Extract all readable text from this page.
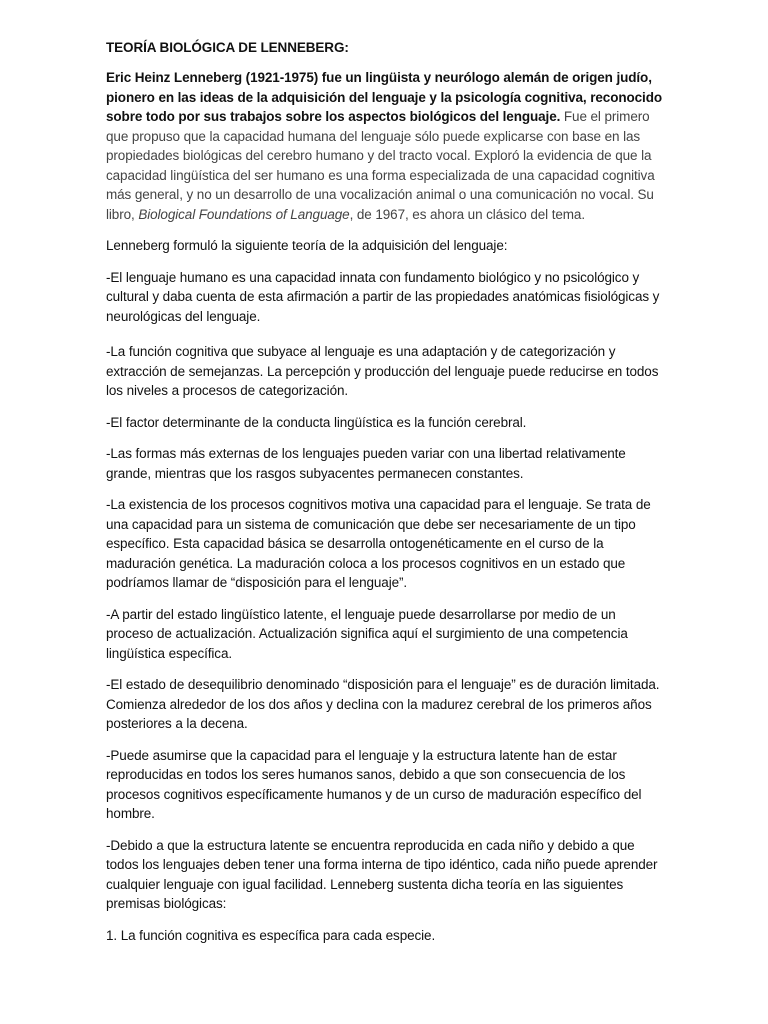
TEORÍA BIOLÓGICA DE LENNEBERG:

Eric Heinz Lenneberg (1921-1975) fue un lingüista y neurólogo alemán de origen judío, pionero en las ideas de la adquisición del lenguaje y la psicología cognitiva, reconocido sobre todo por sus trabajos sobre los aspectos biológicos del lenguaje. Fue el primero que propuso que la capacidad humana del lenguaje sólo puede explicarse con base en las propiedades biológicas del cerebro humano y del tracto vocal. Exploró la evidencia de que la capacidad lingüística del ser humano es una forma especializada de una capacidad cognitiva más general, y no un desarrollo de una vocalización animal o una comunicación no vocal. Su libro, Biological Foundations of Language, de 1967, es ahora un clásico del tema.

Lenneberg formuló la siguiente teoría de la adquisición del lenguaje:

-El lenguaje humano es una capacidad innata con fundamento biológico y no psicológico y cultural y daba cuenta de esta afirmación a partir de las propiedades anatómicas fisiológicas y neurológicas del lenguaje.

-La función cognitiva que subyace al lenguaje es una adaptación y de categorización y extracción de semejanzas. La percepción y producción del lenguaje puede reducirse en todos los niveles a procesos de categorización.

-El factor determinante de la conducta lingüística es la función cerebral.

-Las formas más externas de los lenguajes pueden variar con una libertad relativamente grande, mientras que los rasgos subyacentes permanecen constantes.

-La existencia de los procesos cognitivos motiva una capacidad para el lenguaje. Se trata de una capacidad para un sistema de comunicación que debe ser necesariamente de un tipo específico. Esta capacidad básica se desarrolla ontogenéticamente en el curso de la maduración genética. La maduración coloca a los procesos cognitivos en un estado que podríamos llamar de “disposición para el lenguaje”.

-A partir del estado lingüístico latente, el lenguaje puede desarrollarse por medio de un proceso de actualización. Actualización significa aquí el surgimiento de una competencia lingüística específica.

-El estado de desequilibrio denominado “disposición para el lenguaje” es de duración limitada. Comienza alrededor de los dos años y declina con la madurez cerebral de los primeros años posteriores a la decena.

-Puede asumirse que la capacidad para el lenguaje y la estructura latente han de estar reproducidas en todos los seres humanos sanos, debido a que son consecuencia de los procesos cognitivos específicamente humanos y de un curso de maduración específico del hombre.

-Debido a que la estructura latente se encuentra reproducida en cada niño y debido a que todos los lenguajes deben tener una forma interna de tipo idéntico, cada niño puede aprender cualquier lenguaje con igual facilidad. Lenneberg sustenta dicha teoría en las siguientes premisas biológicas:

1. La función cognitiva es específica para cada especie.
